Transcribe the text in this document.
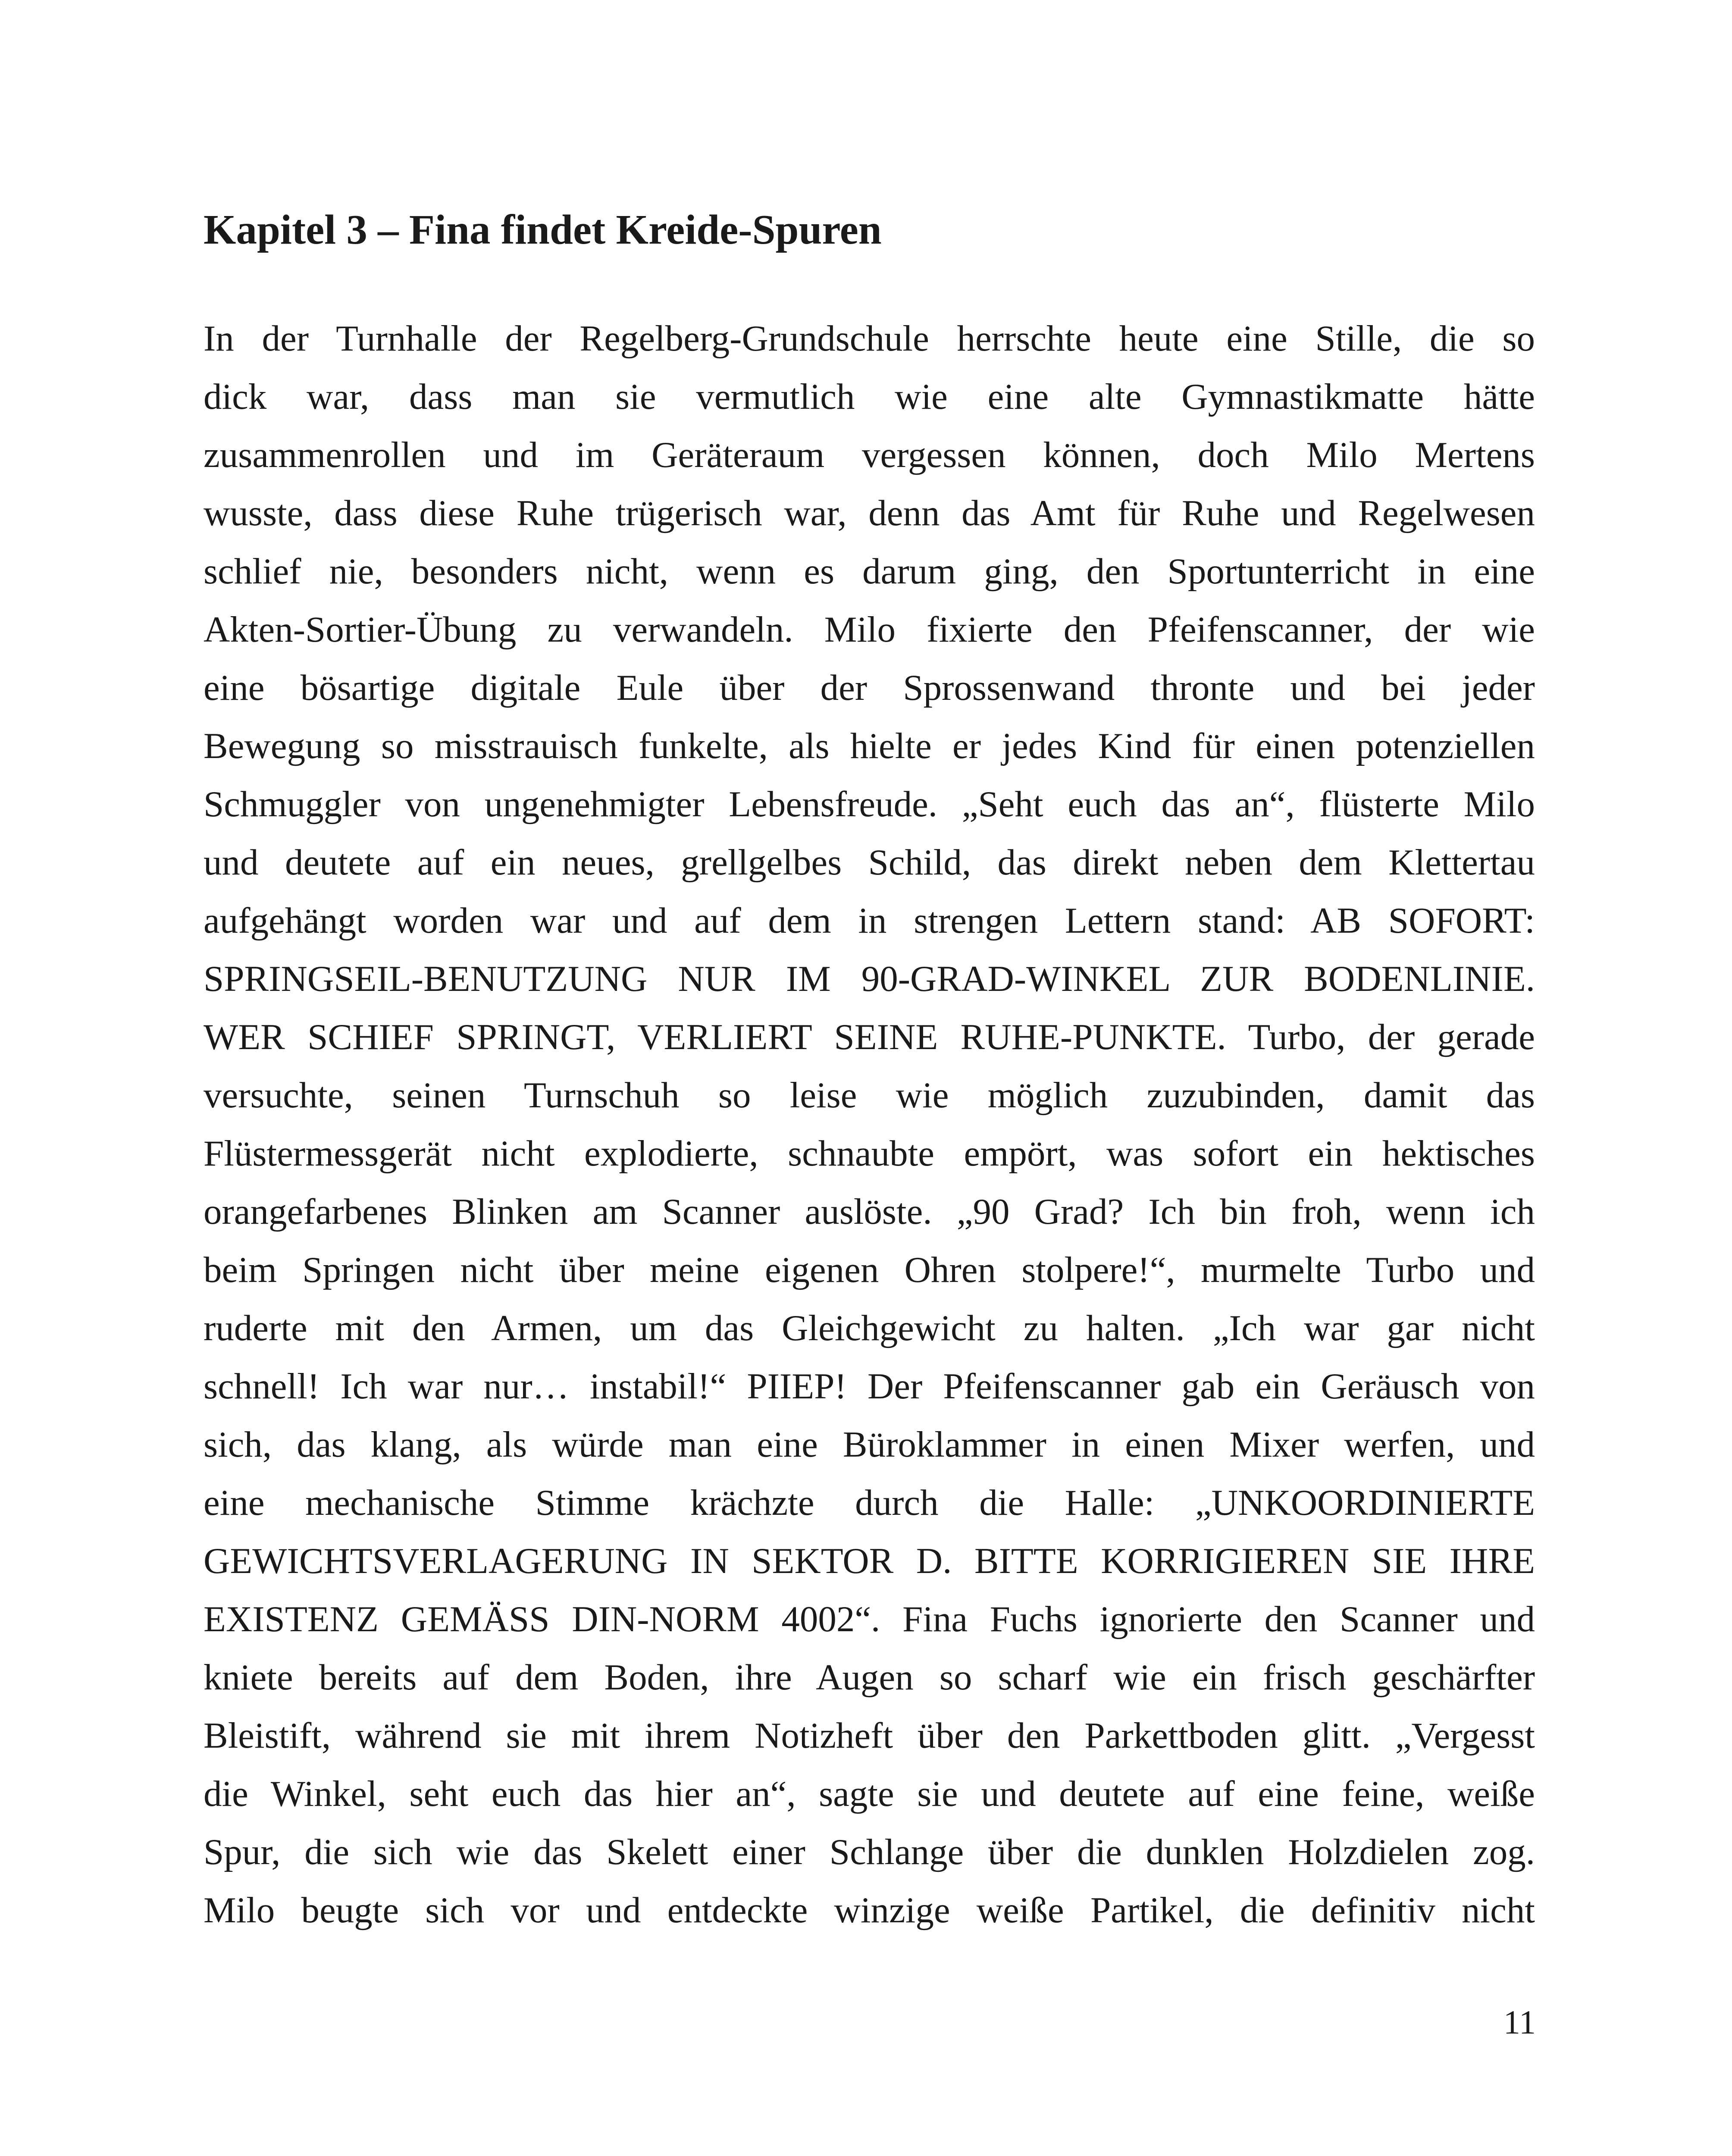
Kapitel 3 – Fina findet Kreide-Spuren
In der Turnhalle der Regelberg-Grundschule herrschte heute eine Stille, die so
dick war, dass man sie vermutlich wie eine alte Gymnastikmatte hätte
zusammenrollen und im Geräteraum vergessen können, doch Milo Mertens
wusste, dass diese Ruhe trügerisch war, denn das Amt für Ruhe und Regelwesen
schlief nie, besonders nicht, wenn es darum ging, den Sportunterricht in eine
Akten-Sortier-Übung zu verwandeln. Milo fixierte den Pfeifenscanner, der wie
eine bösartige digitale Eule über der Sprossenwand thronte und bei jeder
Bewegung so misstrauisch funkelte, als hielte er jedes Kind für einen potenziellen
Schmuggler von ungenehmigter Lebensfreude. „Seht euch das an“, flüsterte Milo
und deutete auf ein neues, grellgelbes Schild, das direkt neben dem Klettertau
aufgehängt worden war und auf dem in strengen Lettern stand: AB SOFORT:
SPRINGSEIL-BENUTZUNG NUR IM 90-GRAD-WINKEL ZUR BODENLINIE.
WER SCHIEF SPRINGT, VERLIERT SEINE RUHE-PUNKTE. Turbo, der gerade
versuchte, seinen Turnschuh so leise wie möglich zuzubinden, damit das
Flüstermessgerät nicht explodierte, schnaubte empört, was sofort ein hektisches
orangefarbenes Blinken am Scanner auslöste. „90 Grad? Ich bin froh, wenn ich
beim Springen nicht über meine eigenen Ohren stolpere!“, murmelte Turbo und
ruderte mit den Armen, um das Gleichgewicht zu halten. „Ich war gar nicht
schnell! Ich war nur… instabil!“ PIIEP! Der Pfeifenscanner gab ein Geräusch von
sich, das klang, als würde man eine Büroklammer in einen Mixer werfen, und
eine mechanische Stimme krächzte durch die Halle: „UNKOORDINIERTE
GEWICHTSVERLAGERUNG IN SEKTOR D. BITTE KORRIGIEREN SIE IHRE
EXISTENZ GEMÄSS DIN-NORM 4002“. Fina Fuchs ignorierte den Scanner und
kniete bereits auf dem Boden, ihre Augen so scharf wie ein frisch geschärfter
Bleistift, während sie mit ihrem Notizheft über den Parkettboden glitt. „Vergesst
die Winkel, seht euch das hier an“, sagte sie und deutete auf eine feine, weiße
Spur, die sich wie das Skelett einer Schlange über die dunklen Holzdielen zog.
Milo beugte sich vor und entdeckte winzige weiße Partikel, die definitiv nicht
11
